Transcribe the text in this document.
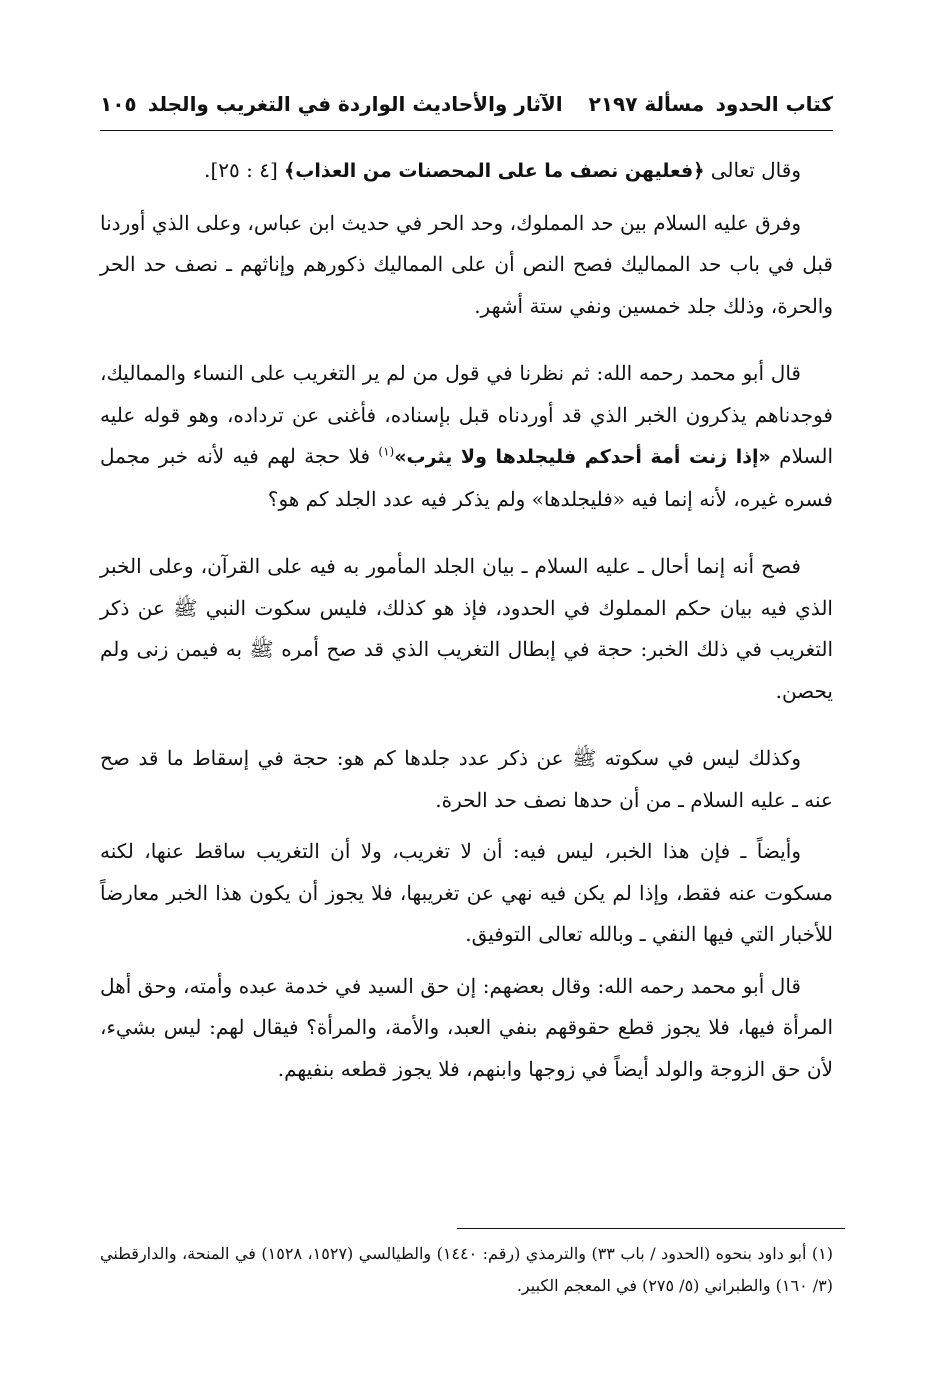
كتاب الحدود
مسألة ٢١٩٧
الآثار والأحاديث الواردة في التغريب والجلد
١٠٥

وقال تعالى ﴿فعليهن نصف ما على المحصنات من العذاب﴾ [٤ : ٢٥].

وفرق عليه السلام بين حد المملوك، وحد الحر في حديث ابن عباس، وعلى الذي أوردنا قبل في باب حد المماليك فصح النص أن على المماليك ذكورهم وإناثهم ـ نصف حد الحر والحرة، وذلك جلد خمسين ونفي ستة أشهر.

قال أبو محمد رحمه الله: ثم نظرنا في قول من لم ير التغريب على النساء والمماليك، فوجدناهم يذكرون الخبر الذي قد أوردناه قبل بإسناده، فأغنى عن ترداده، وهو قوله عليه السلام «إذا زنت أمة أحدكم فليجلدها ولا يثرب»$^{(١)}$ فلا حجة لهم فيه لأنه خبر مجمل فسره غيره، لأنه إنما فيه «فليجلدها» ولم يذكر فيه عدد الجلد كم هو؟

فصح أنه إنما أحال ـ عليه السلام ـ بيان الجلد المأمور به فيه على القرآن، وعلى الخبر الذي فيه بيان حكم المملوك في الحدود، فإذ هو كذلك، فليس سكوت النبي ﷺ عن ذكر التغريب في ذلك الخبر: حجة في إبطال التغريب الذي قد صح أمره ﷺ به فيمن زنى ولم يحصن.

وكذلك ليس في سكوته ﷺ عن ذكر عدد جلدها كم هو: حجة في إسقاط ما قد صح عنه ـ عليه السلام ـ من أن حدها نصف حد الحرة.

وأيضاً ـ فإن هذا الخبر، ليس فيه: أن لا تغريب، ولا أن التغريب ساقط عنها، لكنه مسكوت عنه فقط، وإذا لم يكن فيه نهي عن تغريبها، فلا يجوز أن يكون هذا الخبر معارضاً للأخبار التي فيها النفي ـ وبالله تعالى التوفيق.

قال أبو محمد رحمه الله: وقال بعضهم: إن حق السيد في خدمة عبده وأمته، وحق أهل المرأة فيها، فلا يجوز قطع حقوقهم بنفي العبد، والأمة، والمرأة؟ فيقال لهم: ليس بشيء، لأن حق الزوجة والولد أيضاً في زوجها وابنهم، فلا يجوز قطعه بنفيهم.

(١) أبو داود بنحوه (الحدود / باب ٣٣) والترمذي (رقم: ١٤٤٠) والطيالسي (١٥٢٧، ١٥٢٨) في المنحة، والدارقطني (٣/ ١٦٠) والطبراني (٥/ ٢٧٥) في المعجم الكبير.
